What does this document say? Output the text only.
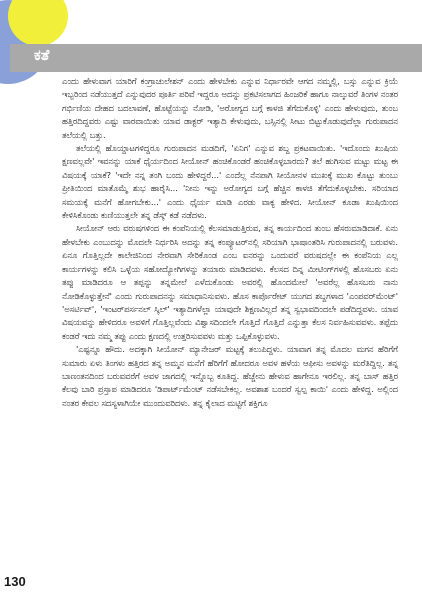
ಕತೆ

ಎಂದು ಹೇಳುವಾಗ ಯಾರಿಗೆ ಕಂಗ್ರಾಚುಲೇಶನ್ ಎಂದು ಹೇಳಬೇಕು ಎನ್ನುವ ನಿರ್ಧಾರವೇ ಆಗದ ನಮ್ಮಲ್ಲಿ, ಬಸ್ಸು ಎನ್ನುವ ಕ್ರಿಯೆ ಇಬ್ಬರಿಂದ ನಡೆಯುತ್ತದೆ ಎನ್ನುವುದರ ಪೂರ್ತಿ ಪರಿವೆ ಇದ್ದರೂ ಅದನ್ನು ಪ್ರಕಟಿಸಲಾಗದ ಹಿಂಜರಿಕೆ ಹಾಗೂ ನಾಲ್ಕುವರೆ ತಿಂಗಳ ನಂತರ ಗರ್ಭಿಣಿಯ ದೇಹದ ಬದಲಾವಣೆ, ಹೊಟ್ಟೆಯನ್ನು ನೋಡಿ, 'ಅರೋಗ್ಯದ ಬಗ್ಗೆ ಕಾಳಜಿ ತೆಗೆದುಕೊಳ್ಳಿ' ಎಂದು ಹೇಳುವುದು, ತುಂಬ ಹತ್ತಿರದಿದ್ದವರು ಎಷ್ಟು ವಾರವಾಯಿತು ಯಾವ ಡಾಕ್ಟರ್ ಇತ್ಯಾದಿ ಕೇಳುವುದು, ಬಸ್ಸಿನಲ್ಲಿ ಸೀಟು ಬಿಟ್ಟುಕೊಡುವುದೆಲ್ಲಾ ಗುರುಪಾದನ ತಲೆಯಲ್ಲಿ ಬತ್ತು.

ತಲೆಯಲ್ಲಿ ಹೊಯ್ದಾಟಗಳಿದ್ದರೂ ಗುರುಪಾದನ ಮಡದಿಗೆ, 'ಏನಿಗ' ಎನ್ನುವ ಶಬ್ದ ಪ್ರಕಟವಾಯಿತು. 'ಇದೊಂದು ಖುಷಿಯ ಕ್ಷಣವಲ್ಲವೇ' ಇವನನ್ನು ಯಾಕೆ ಧೈರ್ಯದಿಂದ ಸೀಯೋನ್ ಹಂಚಿಕೊಂಡರೆ ಹಂಚಿಕೊಳ್ಳಬಾರದು? ತಲೆ ಹುಗಿಸುವ ಮಟ್ಟು ಮಟ್ಟ ಈ ವಿಷಯಕ್ಕೆ ಯಾಕೆ? 'ಇದೇ ನನ್ನ ತಂಗಿ ಬಂದು ಹೇಳಿದ್ದರೆ...' ಎಂದೆಲ್ಲ ನೆನಪಾಗಿ ಸೀಯೋನಳ ಮುಖಕ್ಕೆ ಮುಖ ಕೊಟ್ಟು ತುಂಬು ಪ್ರೀತಿಯಿಂದ ಮಾತೊಮ್ಮೆ ಶುಭ ಹಾರೈಸಿ... 'ನೀನು ಇನ್ನು ಅರೋಗ್ಯದ ಬಗ್ಗೆ ಹೆಚ್ಚಿನ ಕಾಳಜಿ ತೆಗೆದುಕೊಳ್ಳಬೇಕು. ಸರಿಯಾದ ಸಮಯಕ್ಕೆ ಮನೆಗೆ ಹೋಗಬೇಕು...' ಎಂದು ಧೈರ್ಯ ಮಾಡಿ ಎರಡು ವಾಕ್ಯ ಹೇಳಿದ. ಸೀಯೋನ್ ಕೂಡಾ ಖುಷಿಯಿಂದ ಕೇಳಿಸಿಕೊಂಡು ಕುಣಿಯುತ್ತಲೇ ತನ್ನ ಡೆಸ್ಕ್ ಕಡೆ ನಡೆದಳು.

ಸೀಯೋನ್ ಆರು ವರುಷಗಳಿಂದ ಈ ಕಂಪೆನಿಯಲ್ಲಿ ಕೆಲಸಮಾಡುತ್ತಿರುವ, ತನ್ನ ಕಾರ್ಯದಿಂದ ತುಂಬ ಹೆಸರುಮಾಡಿದಾಕೆ. ಏನು ಹೇಳಬೇಕು ಎಂಬುದನ್ನು ಮೊದಲೇ ನಿರ್ಧರಿಸಿ ಅದನ್ನು ತನ್ನ ಕಂಪ್ಯೂಟರ್‌ನಲ್ಲಿ ಸರಿಯಾಗಿ ಭಾಷಾಂತರಿಸಿ ಗುರುಪಾದನಲ್ಲಿ ಬರುವಳು. ಏನೂ ಗೊತ್ತಿಲ್ಲದೇ ಕಾಲೇಜಿನಿಂದ ನೇರವಾಗಿ ಸೇರಿಕೊಂಡ ಎಂಬ ಐನರನ್ನು ಒಂದುವರೆ ವರುಷದಲ್ಲೇ ಈ ಕಂಪೆನಿಯ ಎಲ್ಲ ಕಾರ್ಯಗಳನ್ನು ಕಲಿಸಿ ಒಳ್ಳೆಯ ಸಹೋದ್ಯೋಗಿಗಳನ್ನು ತಯಾರು ಮಾಡಿದವಳು. ಕೆಲಸದ ದಿನ್ನ ಮೀಟಿಂಗ್‌ಗಳಲ್ಲಿ ಹೊಸಬರು ಏನು ತಪ್ಪು ಮಾಡಿದರೂ ಆ ತಪ್ಪನ್ನು ತನ್ನಮೇಲೆ ಎಳೆದುಕೊಂಡು ಅವರಲ್ಲಿ ಹೊಂದಮೇಲೆ 'ಅವರೆಲ್ಲ ಹೊಸಬರು ನಾನು ನೋಡಿಕೊಳ್ಳುತ್ತೇನೆ' ಎಂದು ಗುರುಪಾದನನ್ನು ಸಮಾಧಾನಿಸುವಳು. ಹೊಸ ಕಾರ್ಪೊರೇಟ್ ಯುಗದ ಶಬ್ದಗಳಾದ 'ಎಂಪವರ್‌ಮೆಂಟ್' 'ಅಸರ್ಟಿವ್', 'ಇಂಟರ್‌ಪರ್ಸನಲ್ ಸ್ಕಿಲ್' ಇತ್ಯಾದಿಗಳೆಲ್ಲಾ ಯಾವುದೇ ಶಿಕ್ಷಣವಿಲ್ಲದೆ ತನ್ನ ಸ್ವಭಾವದಿಂದಲೇ ಪಡೆದಿದ್ದವಳು. ಯಾವ ವಿಷಯವನ್ನು ಹೇಳಿದರೂ ಅವಳಿಗೆ ಗೊತ್ತಿಲ್ಲವೆಂದು ವಿಶ್ವಾಸದಿಂದಲೇ ಗೊತ್ತಿದೆ ಗೊತ್ತಿದೆ ಎನ್ನುತ್ತಾ ಕೆಲಸ ನಿರ್ವಹಿಸುವವಳು. ತಪ್ಪೆದು ಕಂಡರೆ ಇದು ನಮ್ಮ ತಪ್ಪು ಎಂದು ಕ್ಷಣದಲ್ಲಿ ಉತ್ತರಿಸುವವಳು ಮತ್ತು ಒಪ್ಪಿಕೊಳ್ಳುವಳು.

'ಎಷ್ಟನ್ನೂ ಹೌದು. ಅದಕ್ಕಾಗಿ ಸೀಯೋನ್ ಮ್ಯಾನೇಜರ್ ಮಟ್ಟಕ್ಕೆ ತಲುಪಿದ್ದಳು. ಯಾವಾಗ ತನ್ನ ಮೊದಲ ಮಗನ ಹೆರಿಗೆಗೆ ಸುಮಾರು ಏಳು ತಿಂಗಳು ಹತ್ತಿರದ ತನ್ನ ಅಮ್ಮನ ಮನೆಗೆ ಹೆರಿಗೆಗೆ ಹೋದರೂ ಅವಳ ಹಳೆಯ ಆಫೀಸು ಅವಳನ್ನು ಮರೆತಿದ್ದಿಲ್ಲ. ತನ್ನ ಬಾಣಂತನದಿಂದ ಬರುವವರೆಗೆ ಅವಳ ಜಾಗದಲ್ಲಿ ಇನ್ನೊಬ್ಬ ಕೂತಿದ್ದ. ಹೆಚ್ಚೇನು ಹೇಳುವ ಹಾಗೇನೂ ಇರಲಿಲ್ಲ. ತನ್ನ ಬಾಸ್ ಹತ್ತಿರ ಕೆಲವು ಬಾರಿ ಪ್ರಸ್ತಾಪ ಮಾಡಿದರೂ 'ಡಿಪಾರ್ಟ್‌ಮೆಂಟ್ ನಡೆಸಬೇಕಲ್ಲ. ಅವಶಾಶ ಬಂದರೆ ಸ್ವಲ್ಪ ಕಾಯಿ' ಎಂದು ಹೇಳಿದ್ದ. ಅಲ್ಲಿಂದ ನಂತರ ಕೇವಲ ಸದಸ್ಯಳಾಗಿಯೇ ಮುಂದುವರಿದಳು. ತನ್ನ ಕೈಲಾದ ಮಟ್ಟಿಗೆ ಶಕ್ತಿಗೂ

130
